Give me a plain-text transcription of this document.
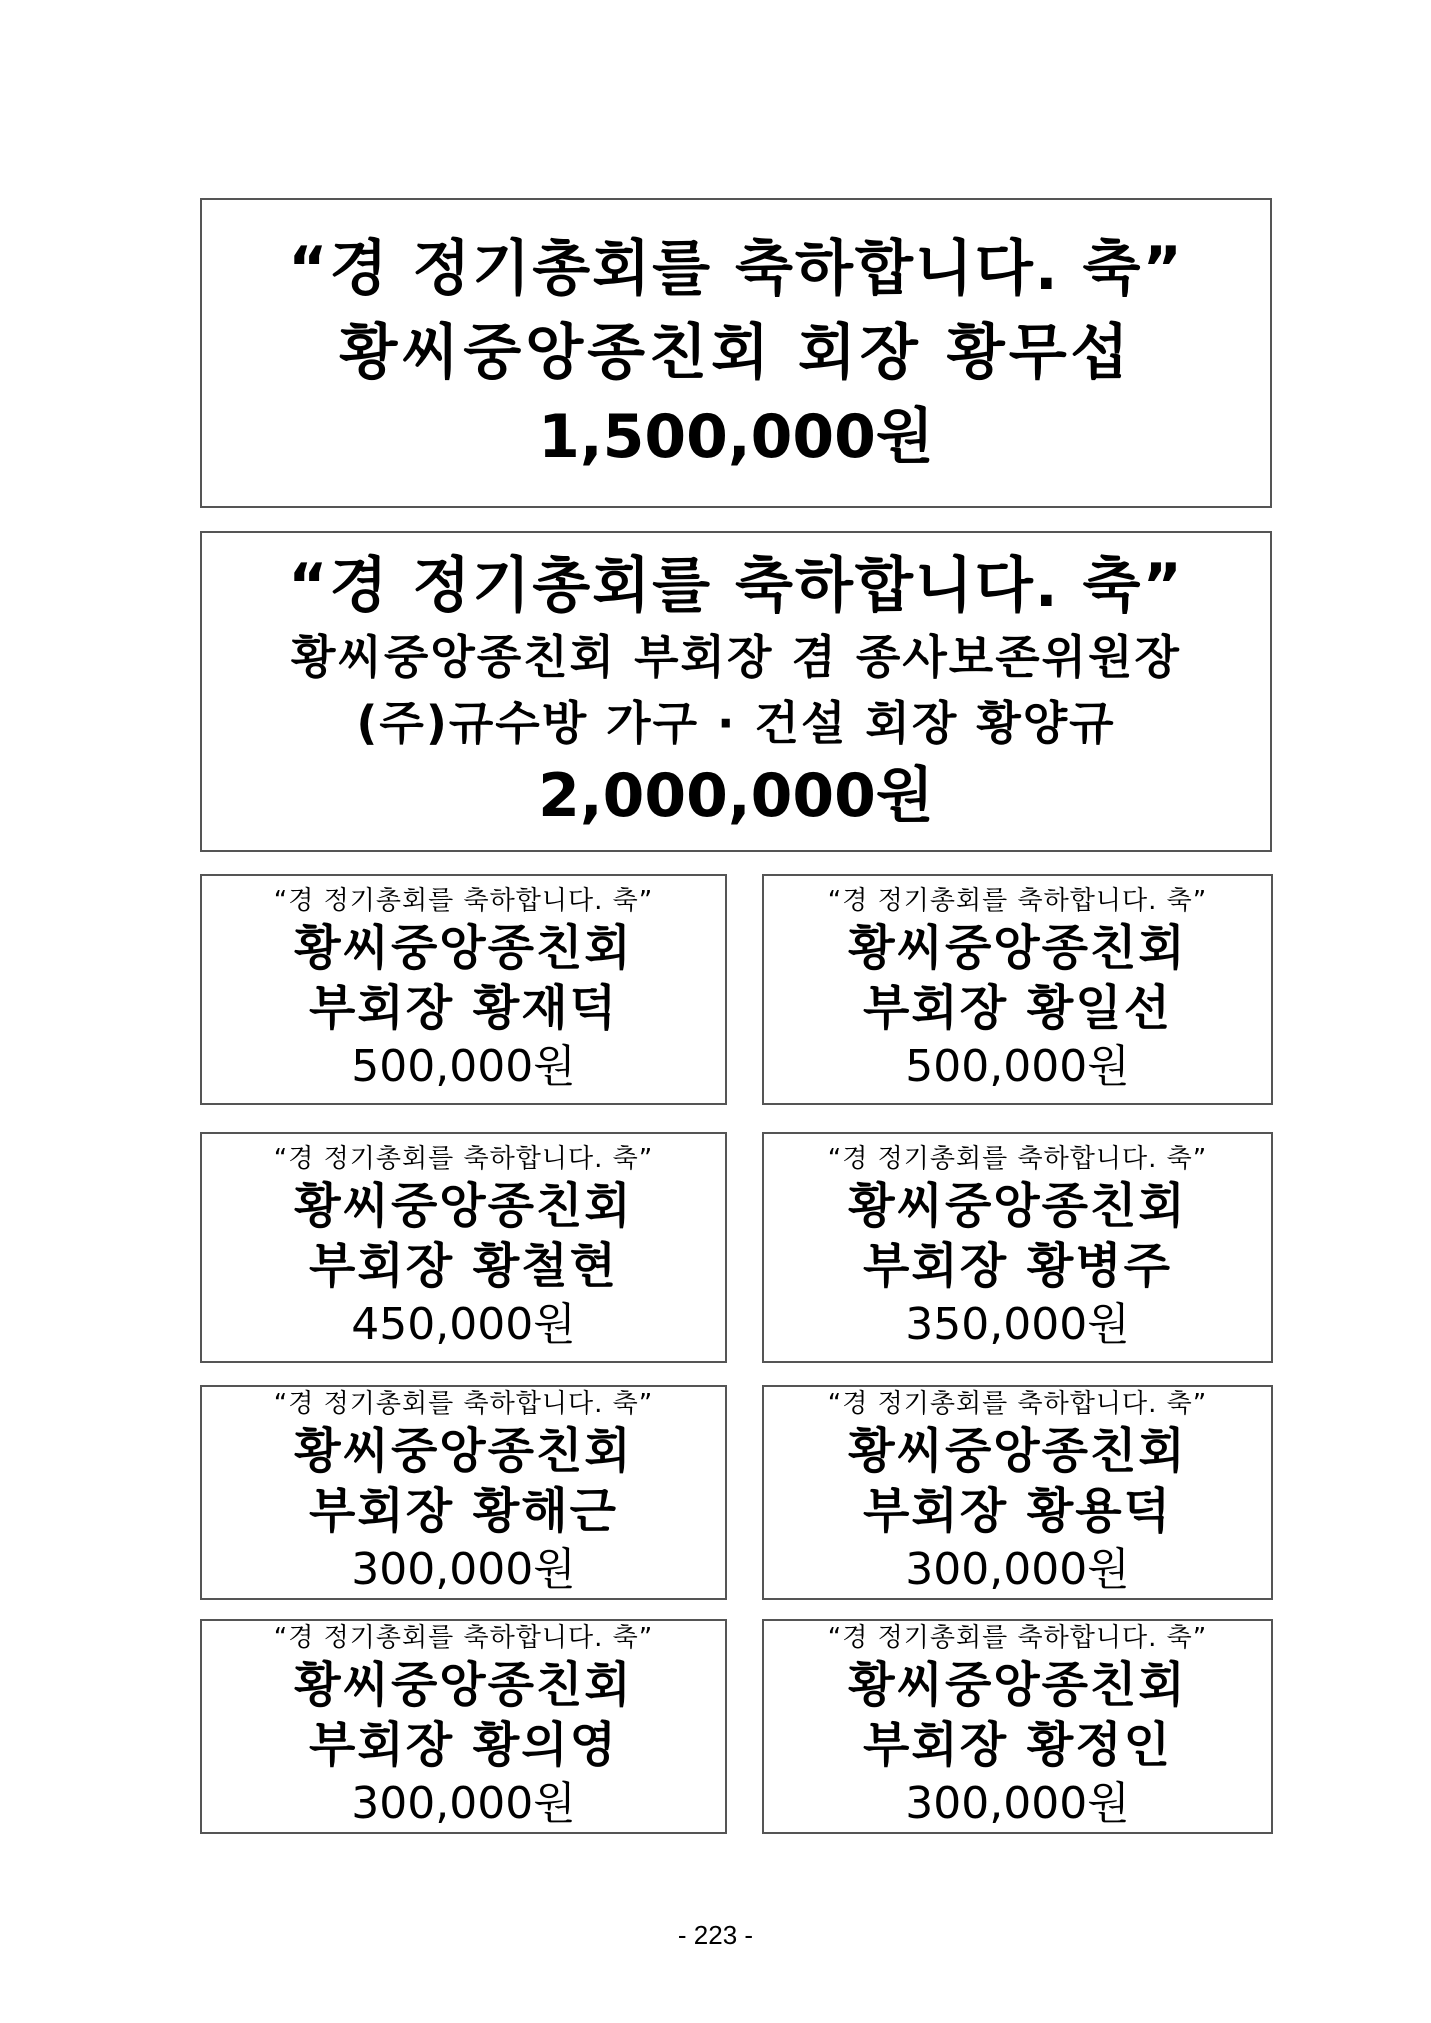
“경 정기총회를 축하합니다. 축”
황씨중앙종친회 회장 황무섭
1,500,000원
“경 정기총회를 축하합니다. 축”
황씨중앙종친회 부회장 겸 종사보존위원장
(주)규수방 가구 · 건설 회장 황양규
2,000,000원
“경 정기총회를 축하합니다. 축”
황씨중앙종친회
부회장 황재덕
500,000원
“경 정기총회를 축하합니다. 축”
황씨중앙종친회
부회장 황일선
500,000원
“경 정기총회를 축하합니다. 축”
황씨중앙종친회
부회장 황철현
450,000원
“경 정기총회를 축하합니다. 축”
황씨중앙종친회
부회장 황병주
350,000원
“경 정기총회를 축하합니다. 축”
황씨중앙종친회
부회장 황해근
300,000원
“경 정기총회를 축하합니다. 축”
황씨중앙종친회
부회장 황용덕
300,000원
“경 정기총회를 축하합니다. 축”
황씨중앙종친회
부회장 황의영
300,000원
“경 정기총회를 축하합니다. 축”
황씨중앙종친회
부회장 황정인
300,000원
- 223 -
